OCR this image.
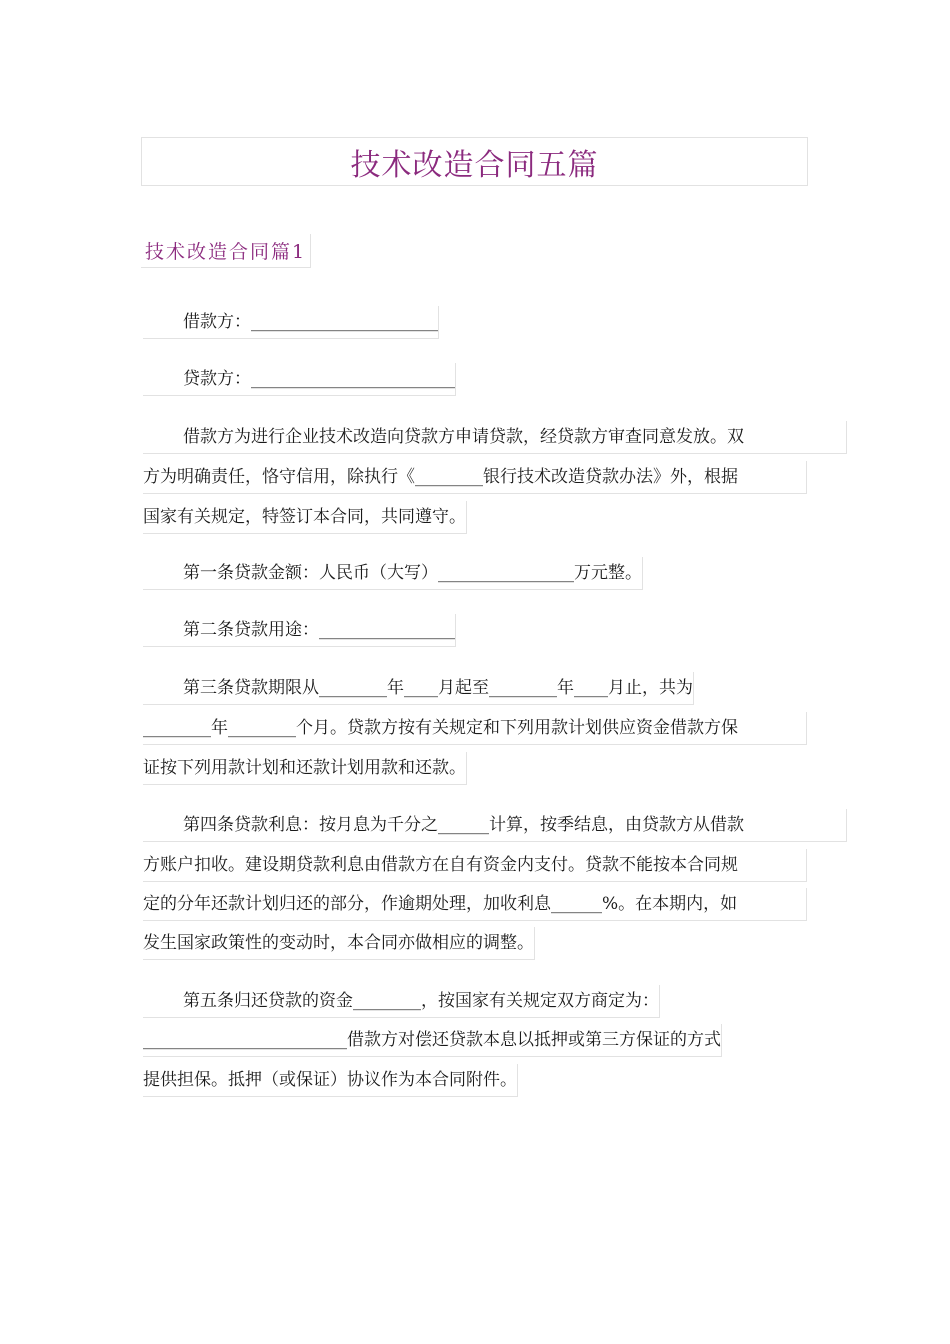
技术改造合同五篇
技术改造合同篇1
借款方：______________________
贷款方：________________________
借款方为进行企业技术改造向贷款方申请贷款，经贷款方审查同意发放。双
方为明确责任，恪守信用，除执行《________银行技术改造贷款办法》外，根据
国家有关规定，特签订本合同，共同遵守。
第一条贷款金额：人民币（大写）________________万元整。
第二条贷款用途：________________
第三条贷款期限从________年____月起至________年____月止，共为
________年________个月。贷款方按有关规定和下列用款计划供应资金借款方保
证按下列用款计划和还款计划用款和还款。
第四条贷款利息：按月息为千分之______计算，按季结息，由贷款方从借款
方账户扣收。建设期贷款利息由借款方在自有资金内支付。贷款不能按本合同规
定的分年还款计划归还的部分，作逾期处理，加收利息______%。在本期内，如
发生国家政策性的变动时，本合同亦做相应的调整。
第五条归还贷款的资金________，按国家有关规定双方商定为：
________________________借款方对偿还贷款本息以抵押或第三方保证的方式
提供担保。抵押（或保证）协议作为本合同附件。
